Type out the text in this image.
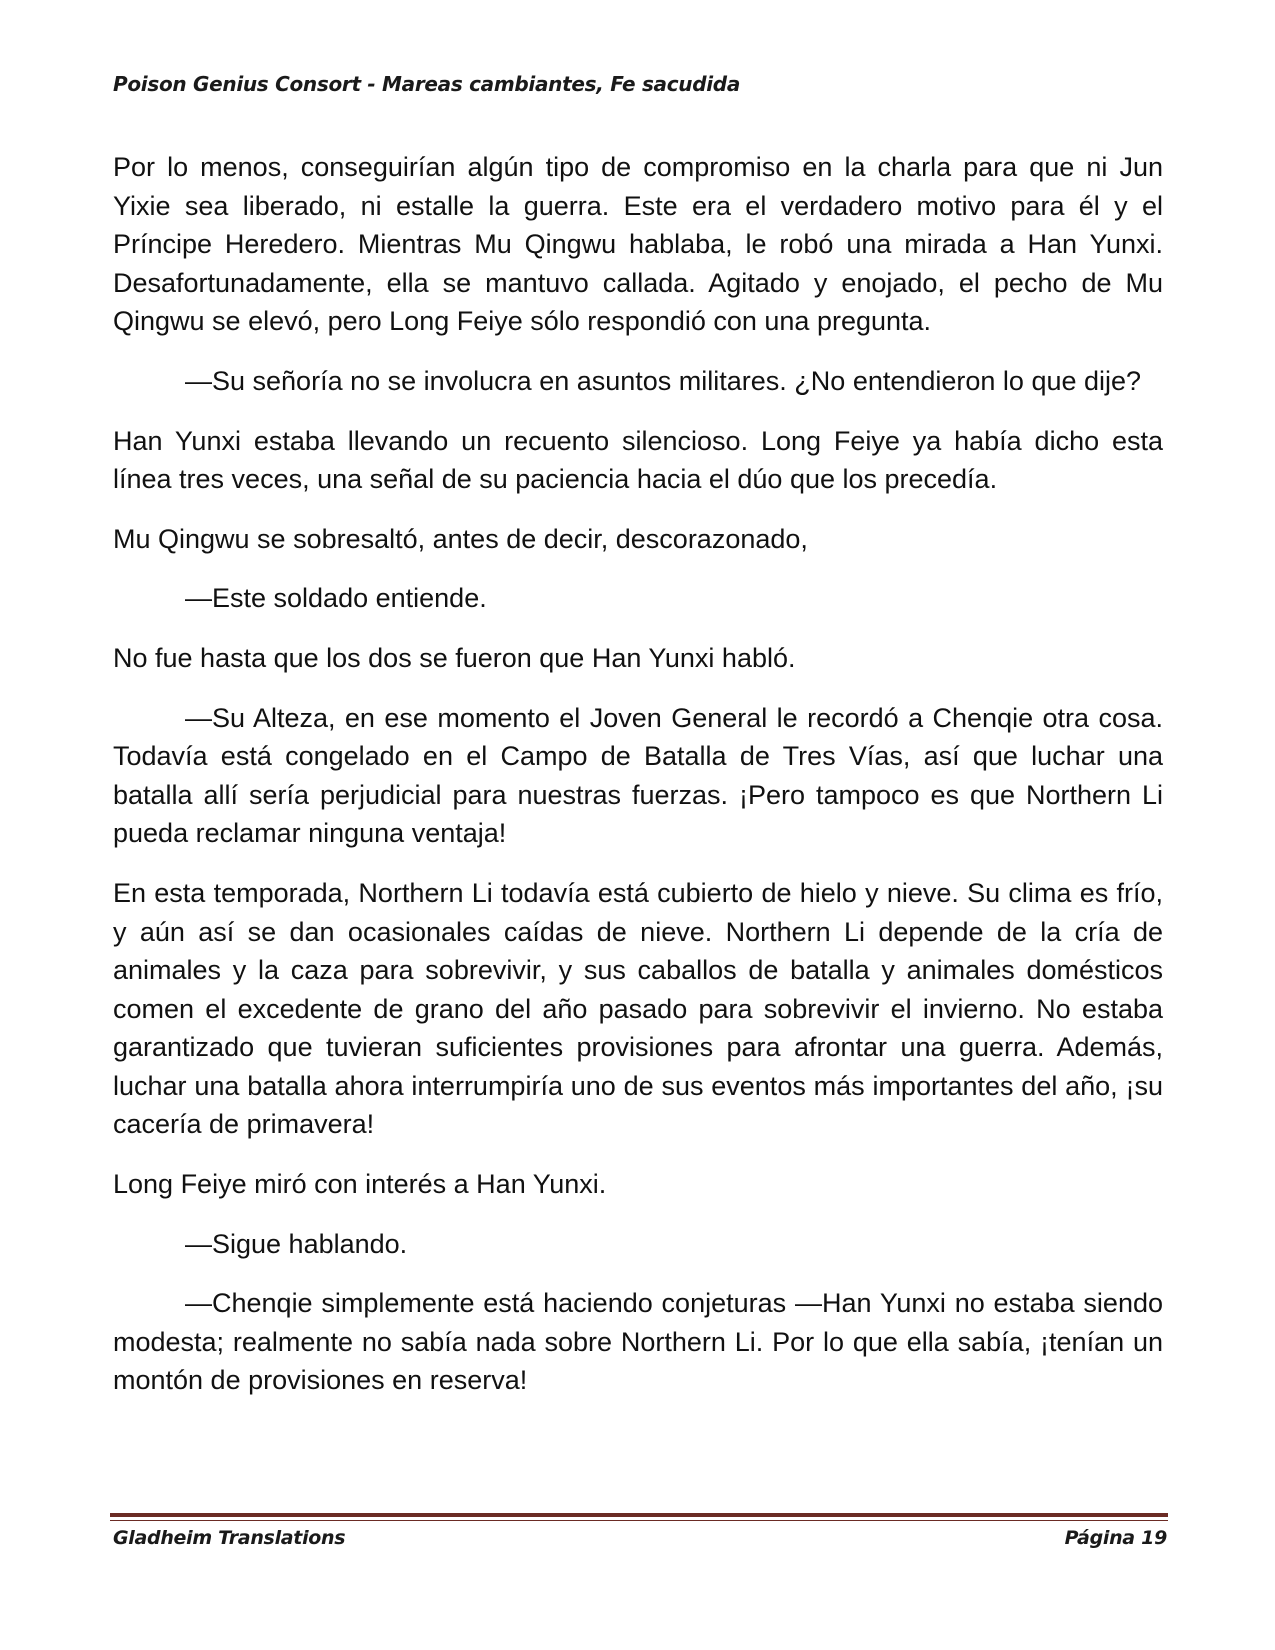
Poison Genius Consort - Mareas cambiantes, Fe sacudida

Por lo menos, conseguirían algún tipo de compromiso en la charla para que ni Jun Yixie sea liberado, ni estalle la guerra. Este era el verdadero motivo para él y el Príncipe Heredero. Mientras Mu Qingwu hablaba, le robó una mirada a Han Yunxi. Desafortunadamente, ella se mantuvo callada. Agitado y enojado, el pecho de Mu Qingwu se elevó, pero Long Feiye sólo respondió con una pregunta.

—Su señoría no se involucra en asuntos militares. ¿No entendieron lo que dije?

Han Yunxi estaba llevando un recuento silencioso. Long Feiye ya había dicho esta línea tres veces, una señal de su paciencia hacia el dúo que los precedía.

Mu Qingwu se sobresaltó, antes de decir, descorazonado,

—Este soldado entiende.

No fue hasta que los dos se fueron que Han Yunxi habló.

—Su Alteza, en ese momento el Joven General le recordó a Chenqie otra cosa. Todavía está congelado en el Campo de Batalla de Tres Vías, así que luchar una batalla allí sería perjudicial para nuestras fuerzas. ¡Pero tampoco es que Northern Li pueda reclamar ninguna ventaja!

En esta temporada, Northern Li todavía está cubierto de hielo y nieve. Su clima es frío, y aún así se dan ocasionales caídas de nieve. Northern Li depende de la cría de animales y la caza para sobrevivir, y sus caballos de batalla y animales domésticos comen el excedente de grano del año pasado para sobrevivir el invierno. No estaba garantizado que tuvieran suficientes provisiones para afrontar una guerra. Además, luchar una batalla ahora interrumpiría uno de sus eventos más importantes del año, ¡su cacería de primavera!

Long Feiye miró con interés a Han Yunxi.

—Sigue hablando.

—Chenqie simplemente está haciendo conjeturas —Han Yunxi no estaba siendo modesta; realmente no sabía nada sobre Northern Li. Por lo que ella sabía, ¡tenían un montón de provisiones en reserva!

Gladheim Translations	Página 19
